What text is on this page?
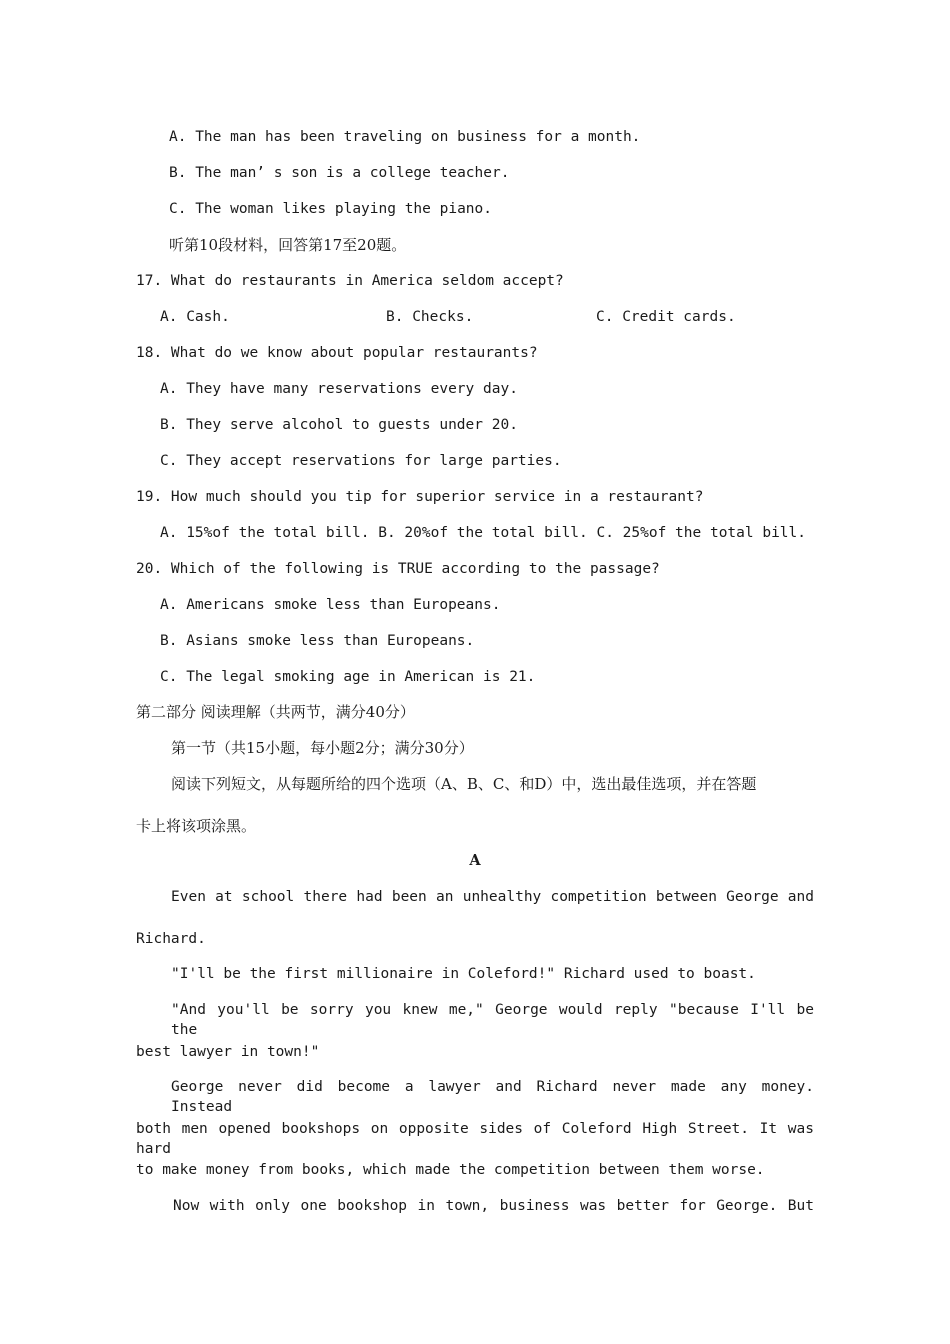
A. The man has been traveling on business for a month.
B. The man’ s son is a college teacher.
C. The woman likes playing the piano.
听第10段材料，回答第17至20题。
17. What do restaurants in America seldom accept?
A. Cash.	B. Checks.	C. Credit cards.
18. What do we know about popular restaurants?
A. They have many reservations every day.
B. They serve alcohol to guests under 20.
C. They accept reservations for large parties.
19. How much should you tip for superior service in a restaurant?
A. 15%of the total bill. B. 20%of the total bill. C. 25%of the total bill.
20. Which of the following is TRUE according to the passage?
A. Americans smoke less than Europeans.
B. Asians smoke less than Europeans.
C. The legal smoking age in American is 21.
第二部分 阅读理解（共两节，满分40分）
第一节（共15小题，每小题2分；满分30分）
阅读下列短文，从每题所给的四个选项（A、B、C、和D）中，选出最佳选项，并在答题
卡上将该项涂黑。
A
Even at school there had been an unhealthy competition between George and
Richard.
"I'll be the first millionaire in Coleford!" Richard used to boast.
"And you'll be sorry you knew me," George would reply "because I'll be the
best lawyer in town!"
George never did become a lawyer and Richard never made any money. Instead
both men opened bookshops on opposite sides of Coleford High Street. It was hard
to make money from books, which made the competition between them worse.
Now with only one bookshop in town, business was better for George. But
